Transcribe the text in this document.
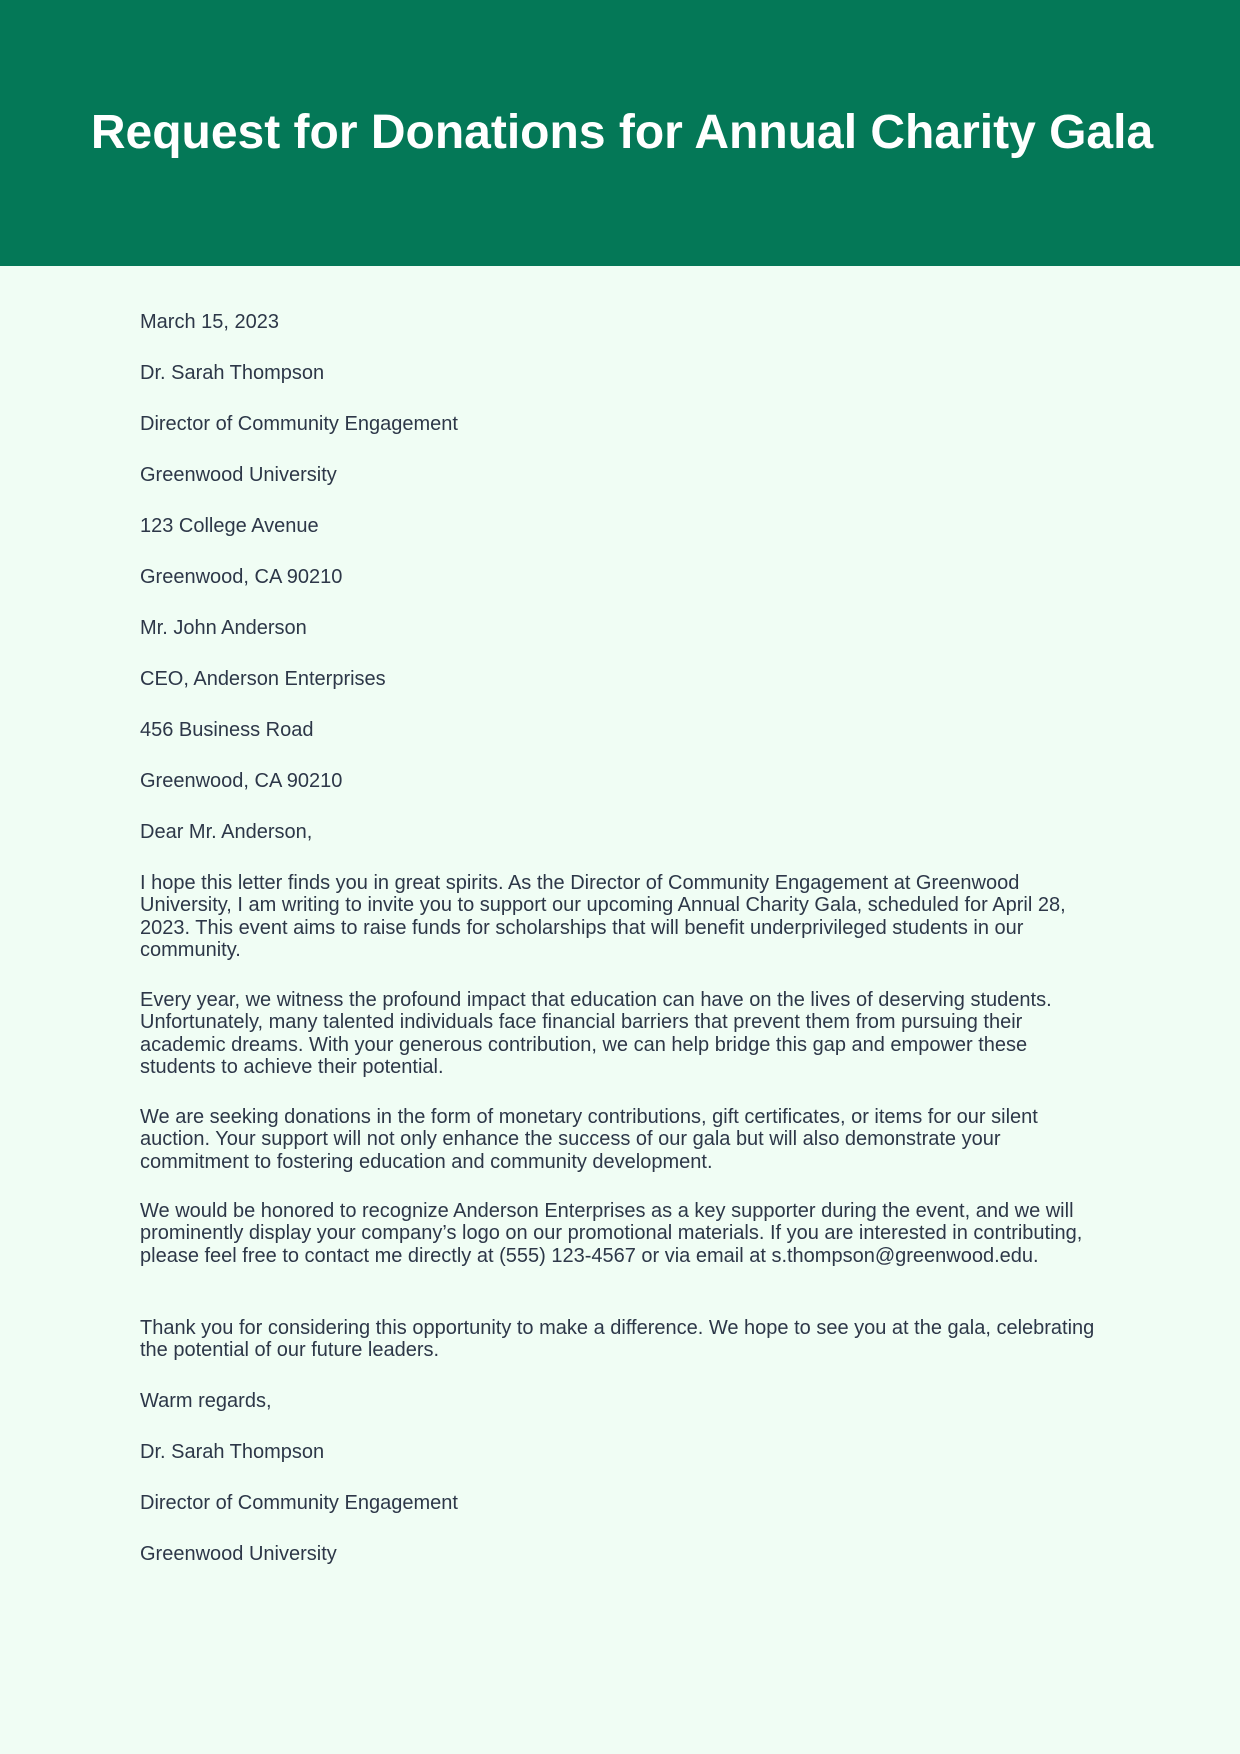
Request for Donations for Annual Charity Gala

March 15, 2023

Dr. Sarah Thompson

Director of Community Engagement

Greenwood University

123 College Avenue

Greenwood, CA 90210

Mr. John Anderson

CEO, Anderson Enterprises

456 Business Road

Greenwood, CA 90210

Dear Mr. Anderson,

I hope this letter finds you in great spirits. As the Director of Community Engagement at Greenwood University, I am writing to invite you to support our upcoming Annual Charity Gala, scheduled for April 28, 2023. This event aims to raise funds for scholarships that will benefit underprivileged students in our community.

Every year, we witness the profound impact that education can have on the lives of deserving students. Unfortunately, many talented individuals face financial barriers that prevent them from pursuing their academic dreams. With your generous contribution, we can help bridge this gap and empower these students to achieve their potential.

We are seeking donations in the form of monetary contributions, gift certificates, or items for our silent auction. Your support will not only enhance the success of our gala but will also demonstrate your commitment to fostering education and community development.

We would be honored to recognize Anderson Enterprises as a key supporter during the event, and we will prominently display your company’s logo on our promotional materials. If you are interested in contributing, please feel free to contact me directly at (555) 123-4567 or via email at s.thompson@greenwood.edu.

Thank you for considering this opportunity to make a difference. We hope to see you at the gala, celebrating the potential of our future leaders.

Warm regards,

Dr. Sarah Thompson

Director of Community Engagement

Greenwood University
